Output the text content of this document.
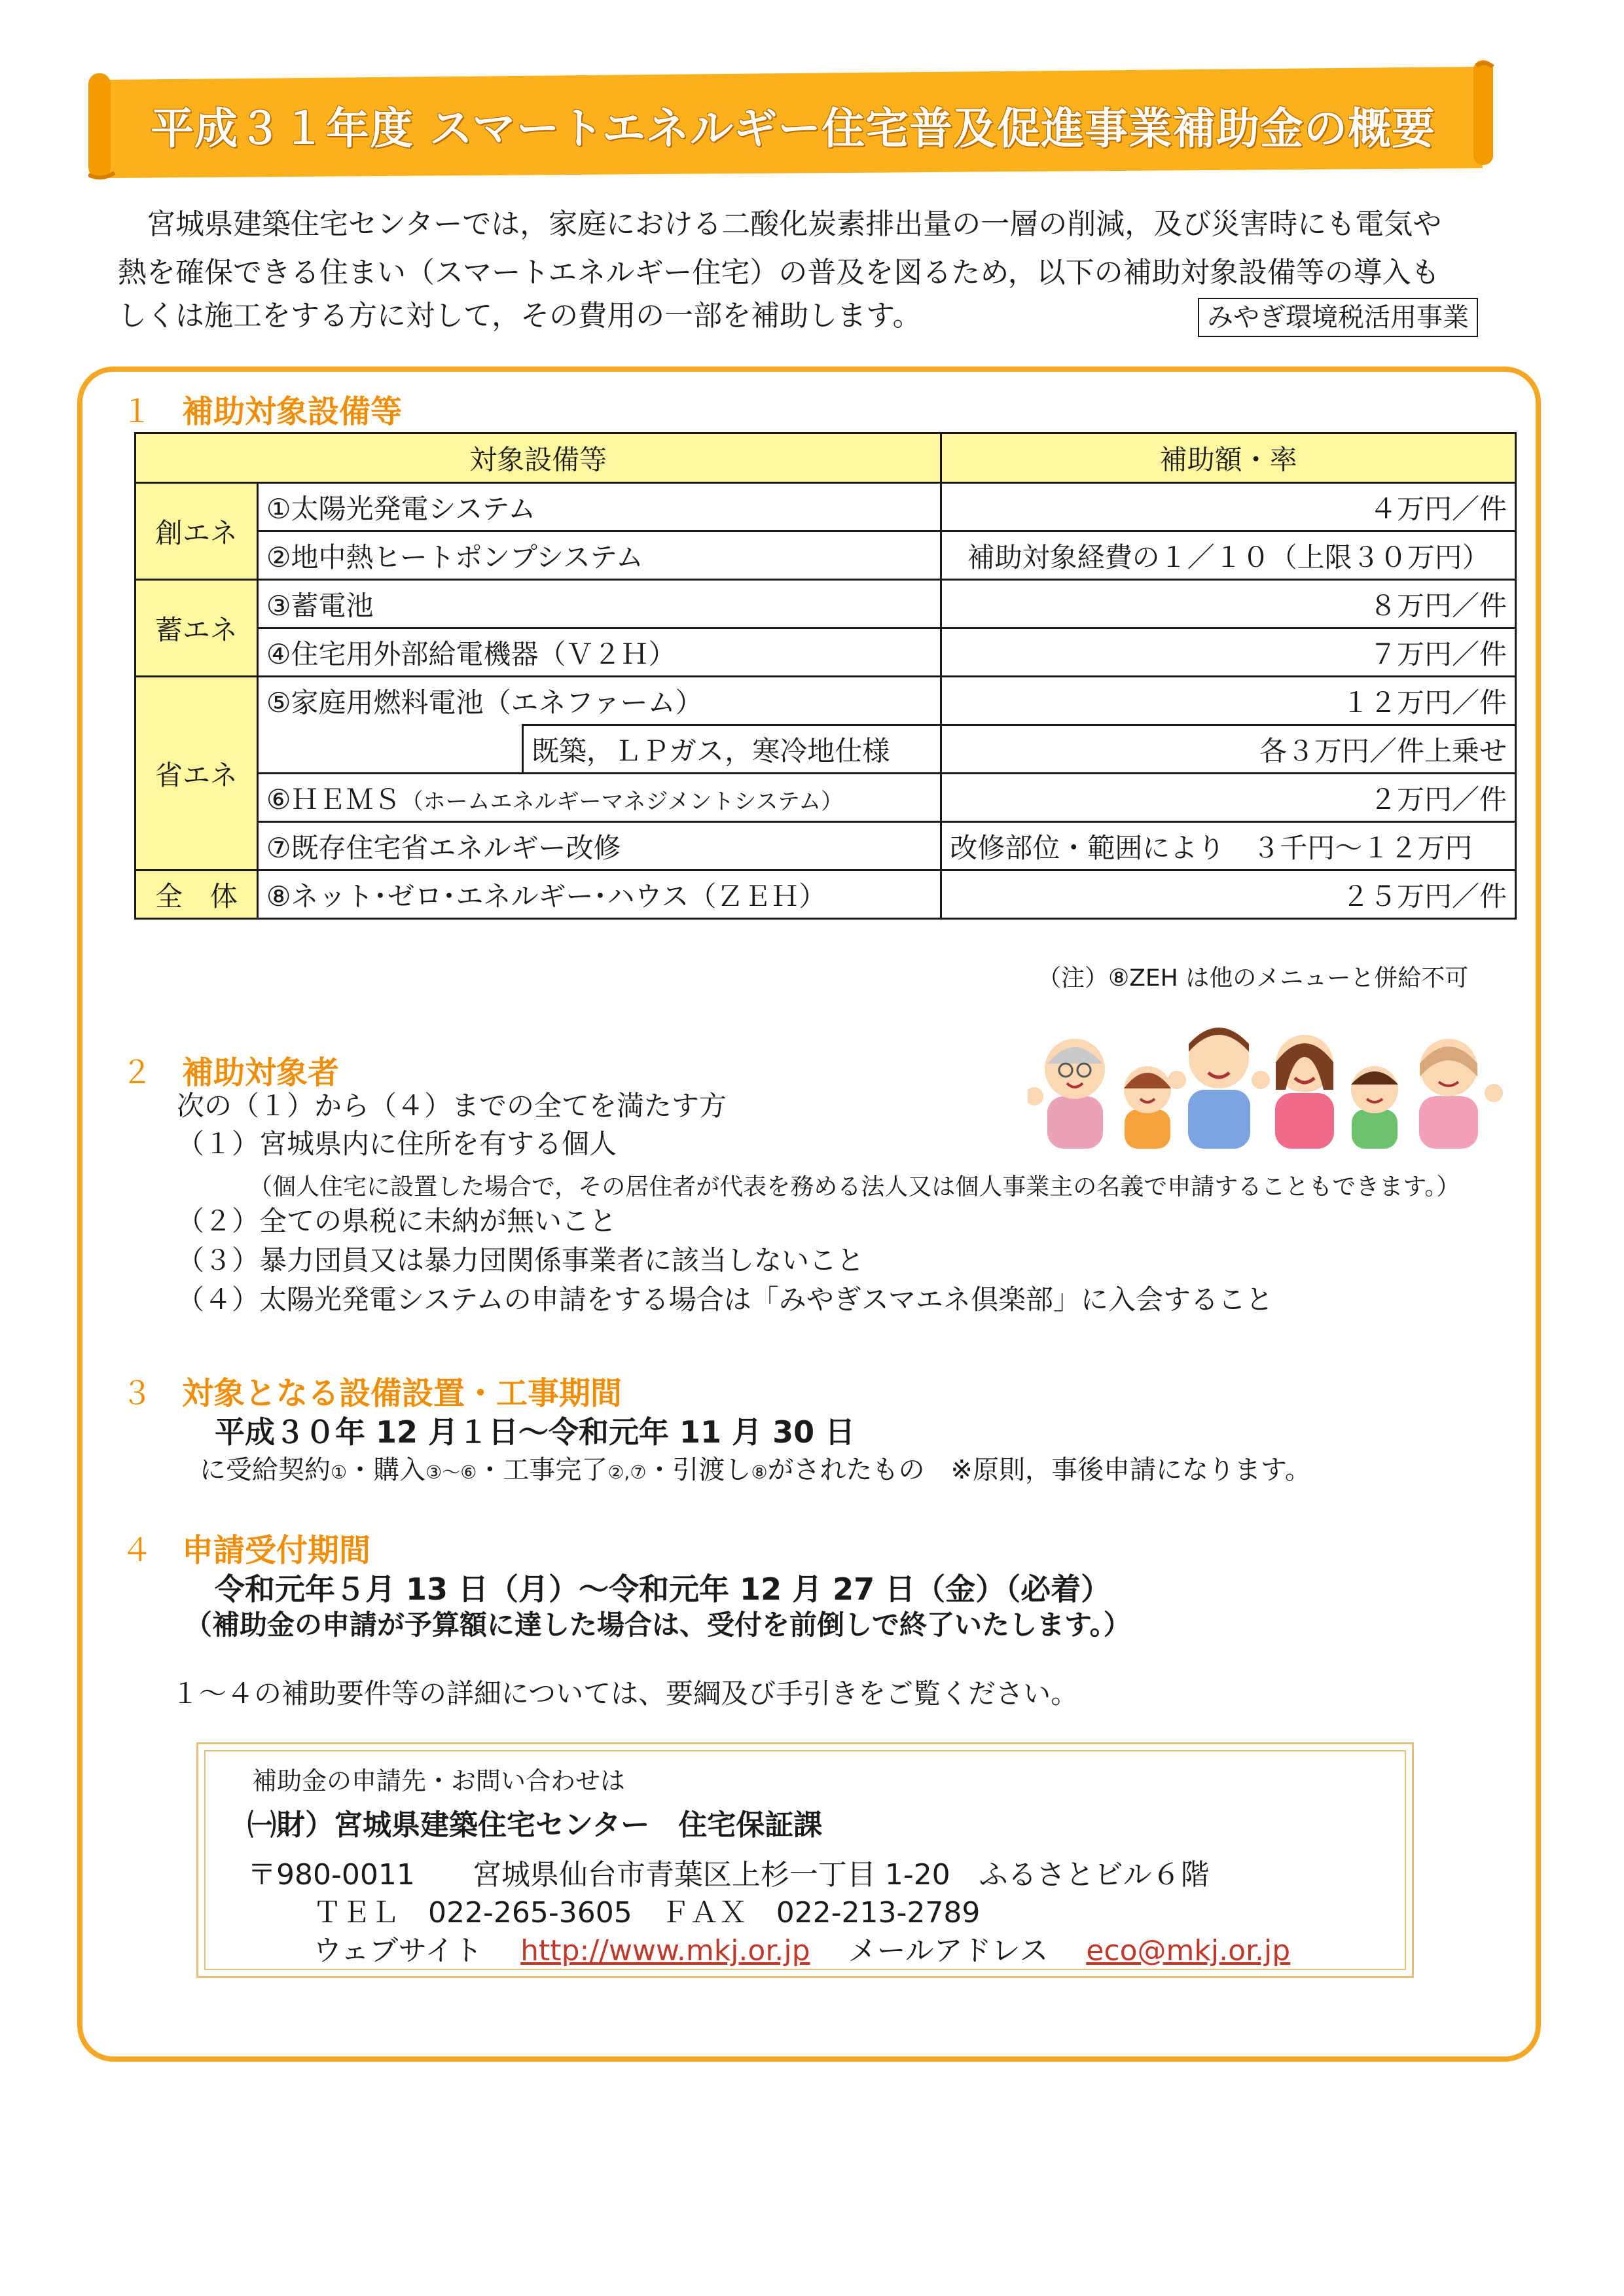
平成３１年度 スマートエネルギー住宅普及促進事業補助金の概要
　宮城県建築住宅センターでは，家庭における二酸化炭素排出量の一層の削減，及び災害時にも電気や
熱を確保できる住まい（スマートエネルギー住宅）の普及を図るため，以下の補助対象設備等の導入も
しくは施工をする方に対して，その費用の一部を補助します。	みやぎ環境税活用事業
１ 補助対象設備等
対象設備等			補助額・率
創エネ	①太陽光発電システム		４万円／件
	②地中熱ヒートポンプシステム		補助対象経費の１／１０（上限３０万円）
蓄エネ	③蓄電池		８万円／件
	④住宅用外部給電機器（Ｖ２Ｈ）		７万円／件
省エネ	⑤家庭用燃料電池（エネファーム）		１２万円／件
		既築，ＬＰガス，寒冷地仕様	各３万円／件上乗せ
	⑥ＨＥＭＳ（ホームエネルギーマネジメントシステム）		２万円／件
	⑦既存住宅省エネルギー改修		改修部位・範囲により　３千円～１２万円
全　体	⑧ネット･ゼロ･エネルギー･ハウス（ＺＥＨ）		２５万円／件
（注）⑧ZEH は他のメニューと併給不可
２ 補助対象者
次の（１）から（４）までの全てを満たす方
（１）宮城県内に住所を有する個人
（個人住宅に設置した場合で，その居住者が代表を務める法人又は個人事業主の名義で申請することもできます。）
（２）全ての県税に未納が無いこと
（３）暴力団員又は暴力団関係事業者に該当しないこと
（４）太陽光発電システムの申請をする場合は「みやぎスマエネ倶楽部」に入会すること
３ 対象となる設備設置・工事期間
平成３０年 12 月１日～令和元年 11 月 30 日
に受給契約①・購入③～⑥・工事完了②,⑦・引渡し⑧がされたもの　※原則，事後申請になります。
４ 申請受付期間
令和元年５月 13 日（月）～令和元年 12 月 27 日（金）（必着）
（補助金の申請が予算額に達した場合は、受付を前倒しで終了いたします。）
１～４の補助要件等の詳細については、要綱及び手引きをご覧ください。
補助金の申請先・お問い合わせは
㈠財）宮城県建築住宅センター　住宅保証課
〒980-0011　　宮城県仙台市青葉区上杉一丁目 1-20　ふるさとビル６階
ＴＥＬ　022-265-3605　ＦＡＸ　022-213-2789
ウェブサイト　 http://www.mkj.or.jp　 メールアドレス　 eco@mkj.or.jp
